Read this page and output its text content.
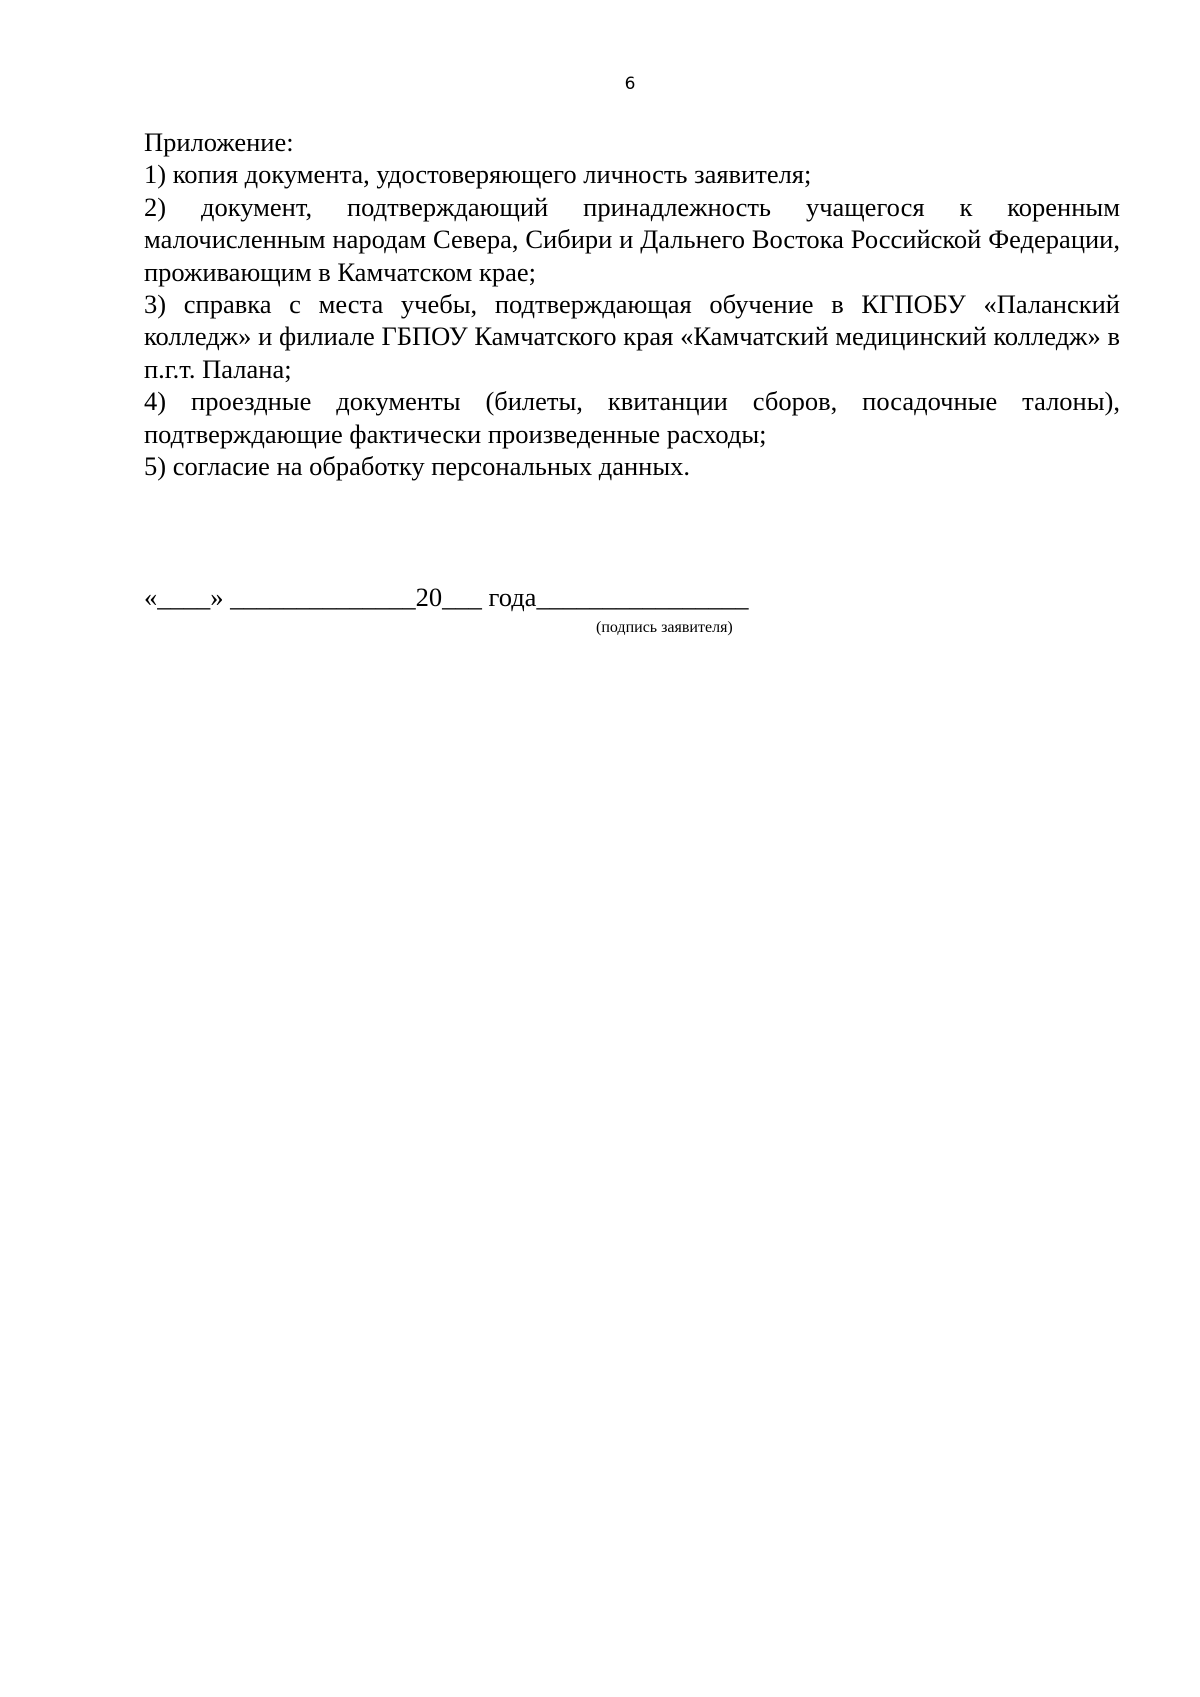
6

Приложение:

1) копия документа, удостоверяющего личность заявителя;

2) документ, подтверждающий принадлежность учащегося к коренным малочисленным народам Севера, Сибири и Дальнего Востока Российской Федерации, проживающим в Камчатском крае;

3) справка с места учебы, подтверждающая обучение в КГПОБУ «Паланский колледж» и филиале ГБПОУ Камчатского края «Камчатский медицинский колледж» в п.г.т. Палана;

4) проездные документы (билеты, квитанции сборов, посадочные талоны), подтверждающие фактически произведенные расходы;

5) согласие на обработку персональных данных.

«____» ______________20___ года________________
(подпись заявителя)
